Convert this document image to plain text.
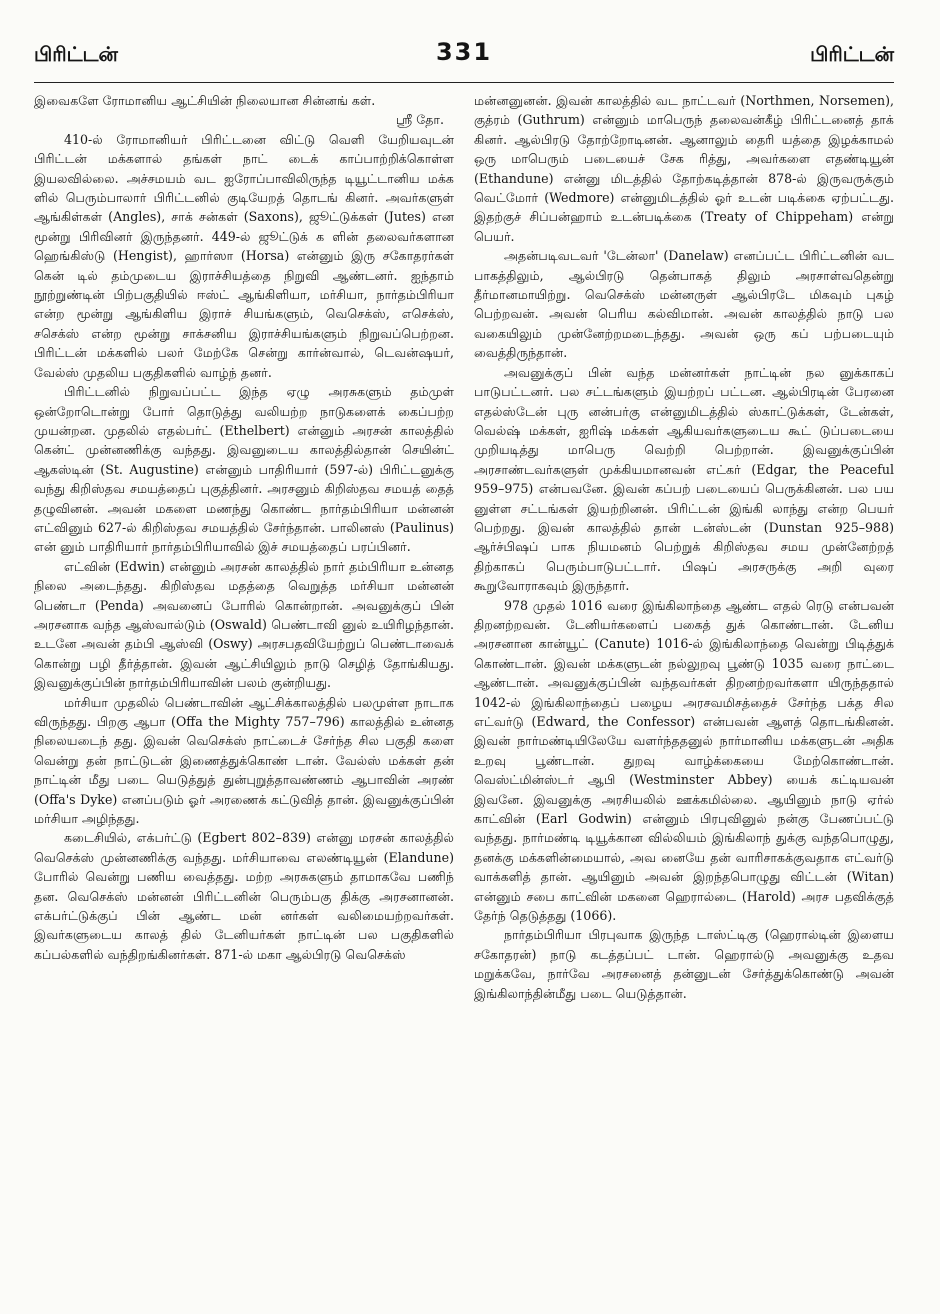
பிரிட்டன்	331	பிரிட்டன்

இவைகளே ரோமானிய ஆட்சியின் நிலையான சின்னங் கள்.

ஸ்ரீ தோ.

410-ல் ரோமானியர் பிரிட்டனை விட்டு வெளி யேறியவுடன் பிரிட்டன் மக்களால் தங்கள் நாட் டைக் காப்பாற்றிக்கொள்ள இயலவில்லை. அச்சமயம் வட ஐரோப்பாவிலிருந்த டியூட்டானிய மக்க ளில் பெரும்பாலார் பிரிட்டனில் குடியேறத் தொடங் கினர். அவர்களுள் ஆங்கிள்கள் (Angles), சாக் சன்கள் (Saxons), ஜூட்டுக்கள் (Jutes) என மூன்று பிரிவினர் இருந்தனர். 449-ல் ஜூட்டுக் க ளின் தலைவர்களான ஹெங்கிஸ்டு (Hengist), ஹார்ஸா (Horsa) என்னும் இரு சகோதரர்கள் கென் டில் தம்முடைய இராச்சியத்தை நிறுவி ஆண்டனர். ஐந்தாம் நூற்றுண்டின் பிற்பகுதியில் ஈஸ்ட் ஆங்கிளியா, மர்சியா, நார்தம்பிரியா என்ற மூன்று ஆங்கிளிய இராச் சியங்களும், வெசெக்ஸ், எசெக்ஸ், சசெக்ஸ் என்ற மூன்று சாக்சனிய இராச்சியங்களும் நிறுவப்பெற்றன. பிரிட்டன் மக்களில் பலர் மேற்கே சென்று கார்ன்வால், டெவன்ஷயர், வேல்ஸ் முதலிய பகுதிகளில் வாழ்ந் தனர்.

பிரிட்டனில் நிறுவப்பட்ட இந்த ஏழு அரசுகளும் தம்முள் ஒன்றோடொன்று போர் தொடுத்து வலியற்ற நாடுகளைக் கைப்பற்ற முயன்றன. முதலில் எதல்பர்ட் (Ethelbert) என்னும் அரசன் காலத்தில் கென்ட் முன்னணிக்கு வந்தது. இவனுடைய காலத்தில்தான் செயின்ட் ஆகஸ்டின் (St. Augustine) என்னும் பாதிரியார் (597-ல்) பிரிட்டனுக்கு வந்து கிறிஸ்தவ சமயத்தைப் புகுத்தினர். அரசனும் கிறிஸ்தவ சமயத் தைத் தழுவினன். அவன் மகளை மணந்து கொண்ட நார்தம்பிரியா மன்னன் எட்வினும் 627-ல் கிறிஸ்தவ சமயத்தில் சேர்ந்தான். பாலினஸ் (Paulinus) என் னும் பாதிரியார் நார்தம்பிரியாவில் இச் சமயத்தைப் பரப்பினர்.

எட்வின் (Edwin) என்னும் அரசன் காலத்தில் நார் தம்பிரியா உன்னத நிலை அடைந்தது. கிறிஸ்தவ மதத்தை வெறுத்த மர்சியா மன்னன் பெண்டா (Penda) அவனைப் போரில் கொன்றான். அவனுக்குப் பின் அரசனாக வந்த ஆஸ்வால்டும் (Oswald) பெண்டாவி னுல் உயிரிழந்தான். உடனே அவன் தம்பி ஆஸ்வி (Oswy) அரசபதவியேற்றுப் பெண்டாவைக் கொன்று பழி தீர்த்தான். இவன் ஆட்சியிலும் நாடு செழித் தோங்கியது. இவனுக்குப்பின் நார்தம்பிரியாவின் பலம் குன்றியது.

மர்சியா முதலில் பெண்டாவின் ஆட்சிக்காலத்தில் பலமுள்ள நாடாக விருந்தது. பிறகு ஆபா (Offa the Mighty 757–796) காலத்தில் உன்னத நிலையடைந் தது. இவன் வெசெக்ஸ் நாட்டைச் சேர்ந்த சில பகுதி களை வென்று தன் நாட்டுடன் இணைத்துக்கொண் டான். வேல்ஸ் மக்கள் தன் நாட்டின் மீது படை யெடுத்துத் துன்புறுத்தாவண்ணம் ஆபாவின் அரண் (Offa's Dyke) எனப்படும் ஓர் அரணைக் கட்டுவித் தான். இவனுக்குப்பின் மர்சியா அழிந்தது.

கடைசியில், எக்பர்ட்டு (Egbert 802–839) என்னு மரசன் காலத்தில் வெசெக்ஸ் முன்னணிக்கு வந்தது. மர்சியாவை எலண்டியூன் (Elandune) போரில் வென்று பணிய வைத்தது. மற்ற அரசுகளும் தாமாகவே பணிந் தன. வெசெக்ஸ் மன்னன் பிரிட்டனின் பெரும்பகு திக்கு அரசனானன். எக்பர்ட்டுக்குப் பின் ஆண்ட மன் னர்கள் வலிமையற்றவர்கள். இவர்களுடைய காலத் தில் டேனியர்கள் நாட்டின் பல பகுதிகளில் கப்பல்களில் வந்திறங்கினர்கள். 871-ல் மகா ஆல்பிரடு வெசெக்ஸ்

மன்னனுனன். இவன் காலத்தில் வட நாட்டவர் (Northmen, Norsemen), குத்ரம் (Guthrum) என்னும் மாபெருந் தலைவன்கீழ் பிரிட்டனைத் தாக் கினர். ஆல்பிரடு தோற்றோடினன். ஆனாலும் தைரி யத்தை இழக்காமல் ஒரு மாபெரும் படையைச் சேக ரித்து, அவர்களை எதண்டியூன் (Ethandune) என்னு மிடத்தில் தோற்கடித்தான் 878-ல் இருவருக்கும் வெட்மோர் (Wedmore) என்னுமிடத்தில் ஓர் உடன் படிக்கை ஏற்பட்டது. இதற்குச் சிப்பன்ஹாம் உடன்படிக்கை (Treaty of Chippeham) என்று பெயர்.

அதன்படிவடவர் 'டேன்லா' (Danelaw) எனப்பட்ட பிரிட்டனின் வட பாகத்திலும், ஆல்பிரடு தென்பாகத் திலும் அரசாள்வதென்று தீர்மானமாயிற்று. வெசெக்ஸ் மன்னருள் ஆல்பிரடே மிகவும் புகழ் பெற்றவன். அவன் பெரிய கல்விமான். அவன் காலத்தில் நாடு பல வகையிலும் முன்னேற்றமடைந்தது. அவன் ஒரு கப் பற்படையும் வைத்திருந்தான்.

அவனுக்குப் பின் வந்த மன்னர்கள் நாட்டின் நல னுக்காகப் பாடுபட்டனர். பல சட்டங்களும் இயற்றப் பட்டன. ஆல்பிரடின் பேரனை எதல்ஸ்டேன் புரு னன்பர்கு என்னுமிடத்தில் ஸ்காட்டுக்கள், டேன்கள், வெல்ஷ் மக்கள், ஐரிஷ் மக்கள் ஆகியவர்களுடைய கூட் டுப்படையை முறியடித்து மாபெரு வெற்றி பெற்றான். இவனுக்குப்பின் அரசாண்டவர்களுள் முக்கியமானவன் எட்கர் (Edgar, the Peaceful 959–975) என்பவனே. இவன் கப்பற் படையைப் பெருக்கினன். பல பய னுள்ள சட்டங்கள் இயற்றினன். பிரிட்டன் இங்கி லாந்து என்ற பெயர் பெற்றது. இவன் காலத்தில் தான் டன்ஸ்டன் (Dunstan 925–988) ஆர்ச்பிஷப் பாக நியமனம் பெற்றுக் கிறிஸ்தவ சமய முன்னேற்றத் திற்காகப் பெரும்பாடுபட்டார். பிஷப் அரசருக்கு அறி வுரை கூறுவோராகவும் இருந்தார்.

978 முதல் 1016 வரை இங்கிலாந்தை ஆண்ட எதல் ரெடு என்பவன் திறனற்றவன். டேனியர்களைப் பகைத் துக் கொண்டான். டேனிய அரசனான கான்யூட் (Canute) 1016-ல் இங்கிலாந்தை வென்று பிடித்துக் கொண்டான். இவன் மக்களுடன் நல்லுறவு பூண்டு 1035 வரை நாட்டை ஆண்டான். அவனுக்குப்பின் வந்தவர்கள் திறனற்றவர்களா யிருந்ததால் 1042-ல் இங்கிலாந்தைப் பழைய அரசவமிசத்தைச் சேர்ந்த பக்த சில எட்வர்டு (Edward, the Confessor) என்பவன் ஆளத் தொடங்கினன். இவன் நார்மண்டியிலேயே வளர்ந்ததனுல் நார்மானிய மக்களுடன் அதிக உறவு பூண்டான். துறவு வாழ்க்கையை மேற்கொண்டான். வெஸ்ட்மின்ஸ்டர் ஆபி (Westminster Abbey) யைக் கட்டியவன் இவனே. இவனுக்கு அரசியலில் ஊக்கமில்லை. ஆயினும் நாடு ஏர்ல் காட்வின் (Earl Godwin) என்னும் பிரபுவினுல் நன்கு பேணப்பட்டு வந்தது. நார்மண்டி டியூக்கான வில்லியம் இங்கிலாந் துக்கு வந்தபொழுது, தனக்கு மக்களின்மையால், அவ னையே தன் வாரிசாகக்குவதாக எட்வர்டு வாக்களித் தான். ஆயினும் அவன் இறந்தபொழுது விட்டன் (Witan) என்னும் சபை காட்வின் மகனை ஹெரால்டை (Harold) அரச பதவிக்குத் தேர்ந் தெடுத்தது (1066).

நார்தம்பிரியா பிரபுவாக இருந்த டாஸ்ட்டிகு (ஹெரால்டின் இளைய சகோதரன்) நாடு கடத்தப்பட் டான். ஹெரால்டு அவனுக்கு உதவ மறுக்கவே, நார்வே அரசனைத் தன்னுடன் சேர்த்துக்கொண்டு அவன் இங்கிலாந்தின்மீது படை யெடுத்தான்.
